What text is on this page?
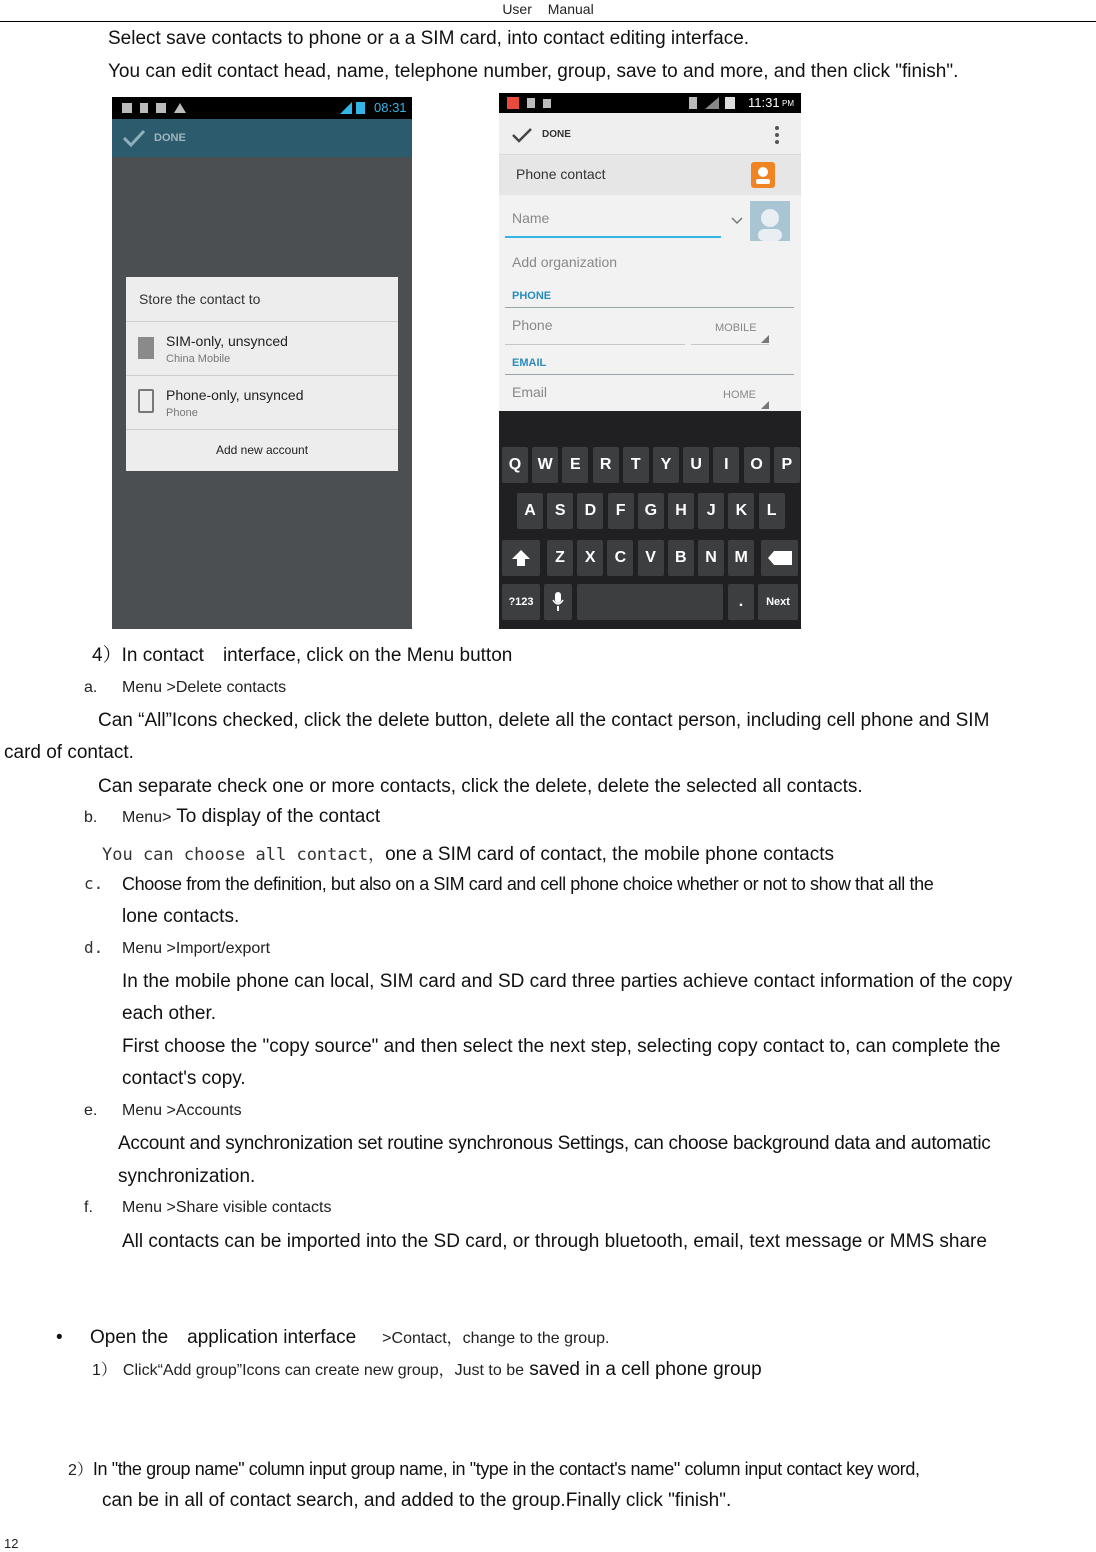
User Manual
Select save contacts to phone or a a SIM card, into contact editing interface.
You can edit contact head, name, telephone number, group, save to and more, and then click "finish".
08:31
DONE
Store the contact to
SIM-only, unsynced
China Mobile
Phone-only, unsynced
Phone
Add new account
11:31 PM
DONE
Phone contact
Name
Add organization
PHONE
Phone	MOBILE
EMAIL
Email	HOME
Q	W	E	R	T	Y	U	I	O	P
A	S	D	F	G	H	J	K	L
Z	X	C	V	B	N	M
?123	.	Next
4）In contact　interface, click on the Menu button
a. Menu >Delete contacts
Can “All”Icons checked, click the delete button, delete all the contact person, including cell phone and SIM
card of contact.
Can separate check one or more contacts, click the delete, delete the selected all contacts.
b. Menu> To display of the contact
You can choose all contact，one a SIM card of contact, the mobile phone contacts
c. Choose from the definition, but also on a SIM card and cell phone choice whether or not to show that all the
lone contacts.
d. Menu >Import/export
In the mobile phone can local, SIM card and SD card three parties achieve contact information of the copy
each other.
First choose the "copy source" and then select the next step, selecting copy contact to, can complete the
contact's copy.
e. Menu >Accounts
Account and synchronization set routine synchronous Settings, can choose background data and automatic
synchronization.
f. Menu >Share visible contacts
All contacts can be imported into the SD card, or through bluetooth, email, text message or MMS share
• Open the　application interface >Contact，change to the group.
1） Click“Add group”Icons can create new group，Just to be saved in a cell phone group
2）In "the group name" column input group name, in "type in the contact's name" column input contact key word,
can be in all of contact search, and added to the group.Finally click "finish".
12
